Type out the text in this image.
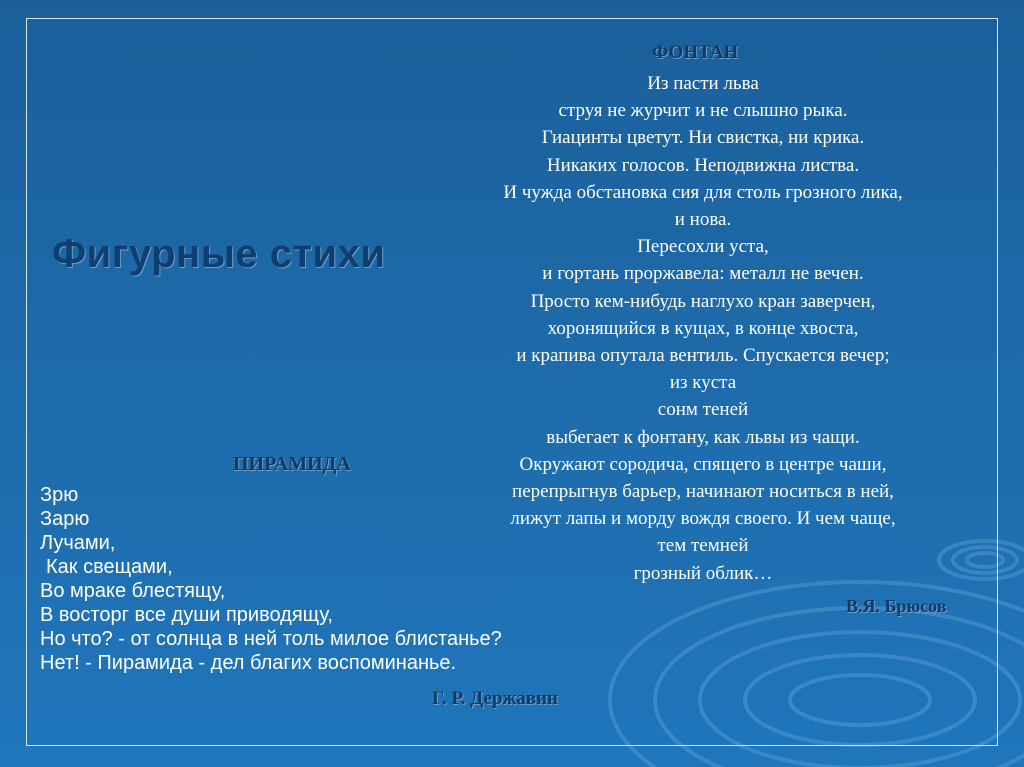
Фигурные стихи
ФОНТАН
Из пасти льва
струя не журчит и не слышно рыка.
Гиацинты цветут. Ни свистка, ни крика.
Никаких голосов. Неподвижна листва.
И чужда обстановка сия для столь грозного лика,
и нова.
Пересохли уста,
и гортань проржавела: металл не вечен.
Просто кем-нибудь наглухо кран заверчен,
хоронящийся в кущах, в конце хвоста,
и крапива опутала вентиль. Спускается вечер;
из куста
сонм теней
выбегает к фонтану, как львы из чащи.
Окружают сородича, спящего в центре чаши,
перепрыгнув барьер, начинают носиться в ней,
лижут лапы и морду вождя своего. И чем чаще,
тем темней
грозный облик…
В.Я. Брюсов
ПИРАМИДА
Зрю
Зарю
Лучами,
Как свещами,
Во мраке блестящу,
В восторг все души приводящу,
Но что? - от солнца в ней толь милое блистанье?
Нет! - Пирамида - дел благих воспоминанье.
Г. Р. Державин
